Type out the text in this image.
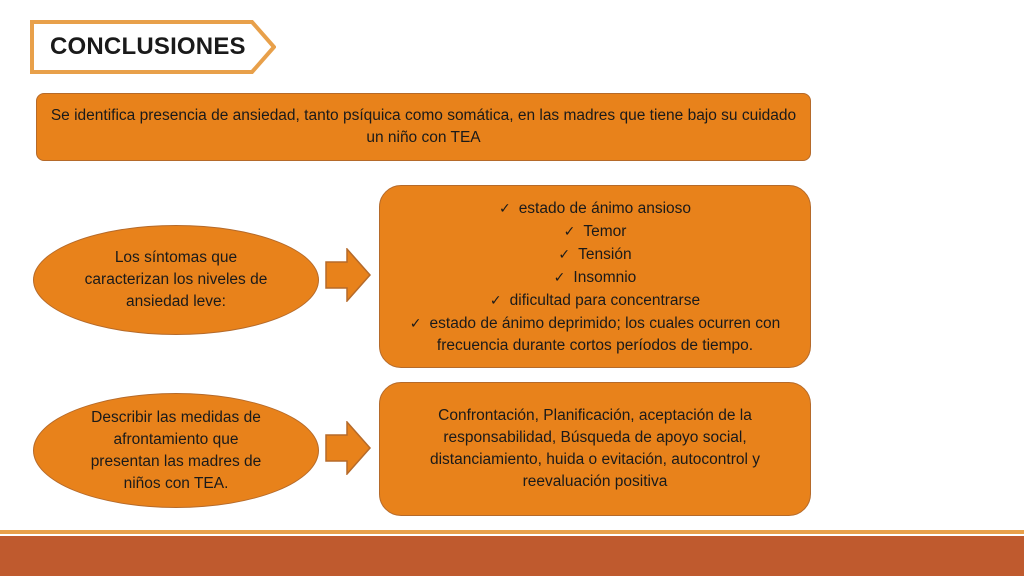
CONCLUSIONES
Se identifica presencia de ansiedad, tanto psíquica como somática, en las madres que tiene bajo su cuidado un niño con TEA
Los síntomas que caracterizan los niveles de ansiedad leve:
✓ estado de ánimo ansioso
✓ Temor
✓ Tensión
✓ Insomnio
✓ dificultad para concentrarse
✓ estado de ánimo deprimido; los cuales ocurren con frecuencia durante cortos períodos de tiempo.
Describir las medidas de afrontamiento que presentan las madres de niños con TEA.
Confrontación, Planificación, aceptación de la responsabilidad, Búsqueda de apoyo social, distanciamiento, huida o evitación, autocontrol y reevaluación positiva
